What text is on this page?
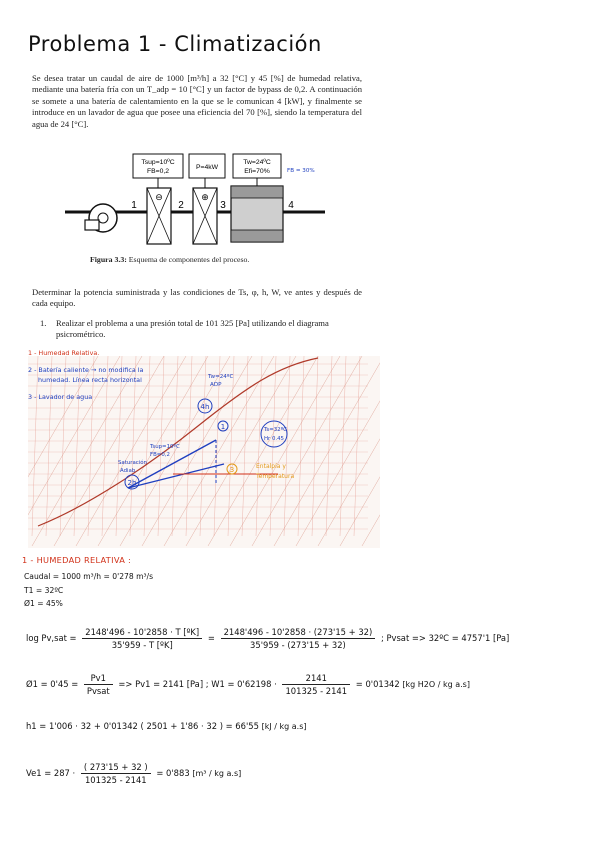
Problema 1 - Climatización
Se desea tratar un caudal de aire de 1000 [m³/h] a 32 [°C] y 45 [%] de humedad relativa, mediante una batería fría con un T_adp = 10 [°C] y un factor de bypass de 0,2. A continuación se somete a una batería de calentamiento en la que se le comunican 4 [kW], y finalmente se introduce en un lavador de agua que posee una eficiencia del 70 [%], siendo la temperatura del agua de 24 [°C].
Tsup=10ºC
FB=0,2
P=4kW
Tw=24ºC
Efi=70%	FB = 30%
⊖	⊕
1	2	3	4
Figura 3.3: Esquema de componentes del proceso.
Determinar la potencia suministrada y las condiciones de Ts, φ, h, W, ve antes y después de cada equipo.
1.	Realizar el problema a una presión total de 101 325 [Pa] utilizando el diagrama psicrométrico.
4h
1
2h
3
Ts=32ºC
Hr 0.45
Tw=24ºC
ADP
Entalpía y
Temperatura
Saturación
Adiab.
Tsup=10ºC
FB=0,2
1 - Humedad Relativa.
2 - Batería caliente → no modifica la
humedad. Línea recta horizontal
3 - Lavador de agua
1 - HUMEDAD RELATIVA :
Caudal = 1000 m³/h = 0'278 m³/s
T1 = 32ºC
Ø1 = 45%
$\log Pv,sat = \frac{\text{2148'496 - 10'2858 · T [ºK]}}{\text{35'959 - T [ºK]}} = \frac{2148'496 - 10'2858 \cdot (273'15 + 32)}{35'959 - (273'15 + 32)}$ ; Pvsat => 32ºC = 4757'1 [Pa]
Ø1 = $0'45 = \frac{Pv1}{\text{Pvsat}} => Pv1 = 2141$ [Pa] ; $W1 = 0'62198 \cdot \frac{2141}{101325 - 2141} = 0'01342$ [kg H2O / kg a.s]
h1 = 1'006 · 32 + 0'01342 ( 2501 + 1'86 · 32 ) = 66'55 [kJ / kg a.s]
$Ve1 = 287 \cdot \frac{( 273'15 + 32 )}{101325 - 2141} = 0'883$ [m³ / kg a.s]
